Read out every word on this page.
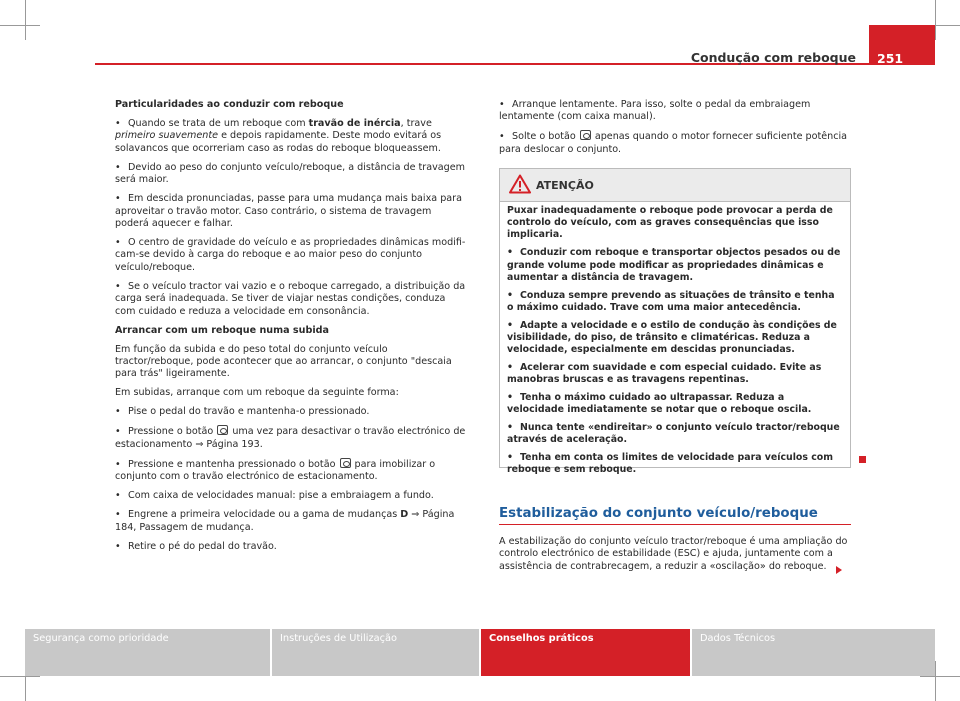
Condução com reboque 251
Particularidades ao conduzir com reboque
• Quando se trata de um reboque com travão de inércia, trave primeiro suavemente e depois rapidamente. Deste modo evitará os solavancos que ocorreriam caso as rodas do reboque bloqueassem.
• Devido ao peso do conjunto veículo/reboque, a distância de travagem será maior.
• Em descida pronunciadas, passe para uma mudança mais baixa para aproveitar o travão motor. Caso contrário, o sistema de travagem poderá aquecer e falhar.
• O centro de gravidade do veículo e as propriedades dinâmicas modificam-se devido à carga do reboque e ao maior peso do conjunto veículo/reboque.
• Se o veículo tractor vai vazio e o reboque carregado, a distribuição da carga será inadequada. Se tiver de viajar nestas condições, conduza com cuidado e reduza a velocidade em consonância.
Arrancar com um reboque numa subida
Em função da subida e do peso total do conjunto veículo tractor/reboque, pode acontecer que ao arrancar, o conjunto "descaia para trás" ligeiramente.
Em subidas, arranque com um reboque da seguinte forma:
• Pise o pedal do travão e mantenha-o pressionado.
• Pressione o botão  uma vez para desactivar o travão electrónico de estacionamento ⇒ Página 193.
• Pressione e mantenha pressionado o botão  para imobilizar o conjunto com o travão electrónico de estacionamento.
• Com caixa de velocidades manual: pise a embraiagem a fundo.
• Engrene a primeira velocidade ou a gama de mudanças D ⇒ Página 184, Passagem de mudança.
• Retire o pé do pedal do travão.
• Arranque lentamente. Para isso, solte o pedal da embraiagem lentamente (com caixa manual).
• Solte o botão  apenas quando o motor fornecer suficiente potência para deslocar o conjunto.
ATENÇÃO
Puxar inadequadamente o reboque pode provocar a perda de controlo do veículo, com as graves consequências que isso implicaria.
• Conduzir com reboque e transportar objectos pesados ou de grande volume pode modificar as propriedades dinâmicas e aumentar a distância de travagem.
• Conduza sempre prevendo as situações de trânsito e tenha o máximo cuidado. Trave com uma maior antecedência.
• Adapte a velocidade e o estilo de condução às condições de visibilidade, do piso, de trânsito e climatéricas. Reduza a velocidade, especialmente em descidas pronunciadas.
• Acelerar com suavidade e com especial cuidado. Evite as manobras bruscas e as travagens repentinas.
• Tenha o máximo cuidado ao ultrapassar. Reduza a velocidade imediatamente se notar que o reboque oscila.
• Nunca tente «endireitar» o conjunto veículo tractor/reboque através de aceleração.
• Tenha em conta os limites de velocidade para veículos com reboque e sem reboque.
Estabilização do conjunto veículo/reboque
A estabilização do conjunto veículo tractor/reboque é uma ampliação do controlo electrónico de estabilidade (ESC) e ajuda, juntamente com a assistência de contrabrecagem, a reduzir a «oscilação» do reboque.
Segurança como prioridade	Instruções de Utilização	Conselhos práticos	Dados Técnicos
